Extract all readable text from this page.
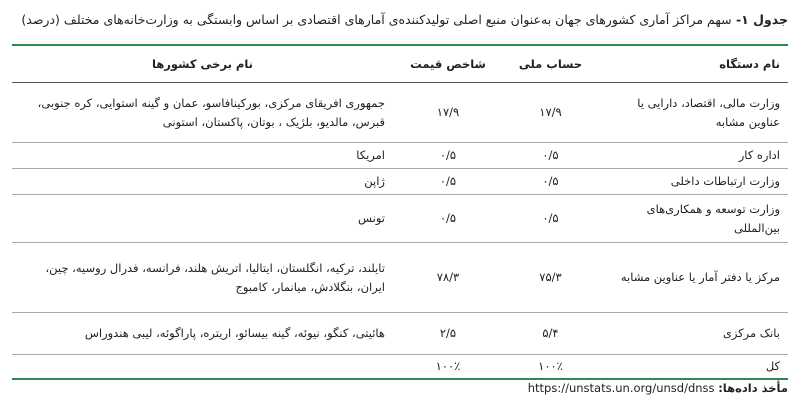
جدول ۱- سهم مراکز آماری کشورهای جهان به‌عنوان منبع اصلی تولیدکننده‌ی آمارهای اقتصادی بر اساس وابستگی به وزارت‌خانه‌های مختلف (درصد)
نام دستگاه	حساب ملی	شاخص قیمت	نام برخی کشورها
وزارت مالی، اقتصاد، دارایی یا عناوین مشابه	۱۷/۹	۱۷/۹	جمهوری افریقای مرکزی، بورکینافاسو، عمان و گینه استوایی، کره جنوبی، قبرس، مالدیو، بلژیک ، بوتان، پاکستان، استونی
اداره کار	۰/۵	۰/۵	امریکا
وزارت ارتباطات داخلی	۰/۵	۰/۵	ژاپن
وزارت توسعه و همکاری‌های بین‌المللی	۰/۵	۰/۵	تونس
مرکز یا دفتر آمار یا عناوین مشابه	۷۵/۳	۷۸/۳	تایلند، ترکیه، انگلستان، ایتالیا، اتریش هلند، فرانسه، فدرال روسیه، چین، ایران، بنگلادش، میانمار، کامبوج
بانک مرکزی	۵/۴	۲/۵	هائیتی، کنگو، نیوئه، گینه بیسائو، اریتره، پاراگوئه، لیبی هندوراس
کل	۱۰۰٪	۱۰۰٪	
مأخذ داده‌ها: https://unstats.un.org/unsd/dnss
